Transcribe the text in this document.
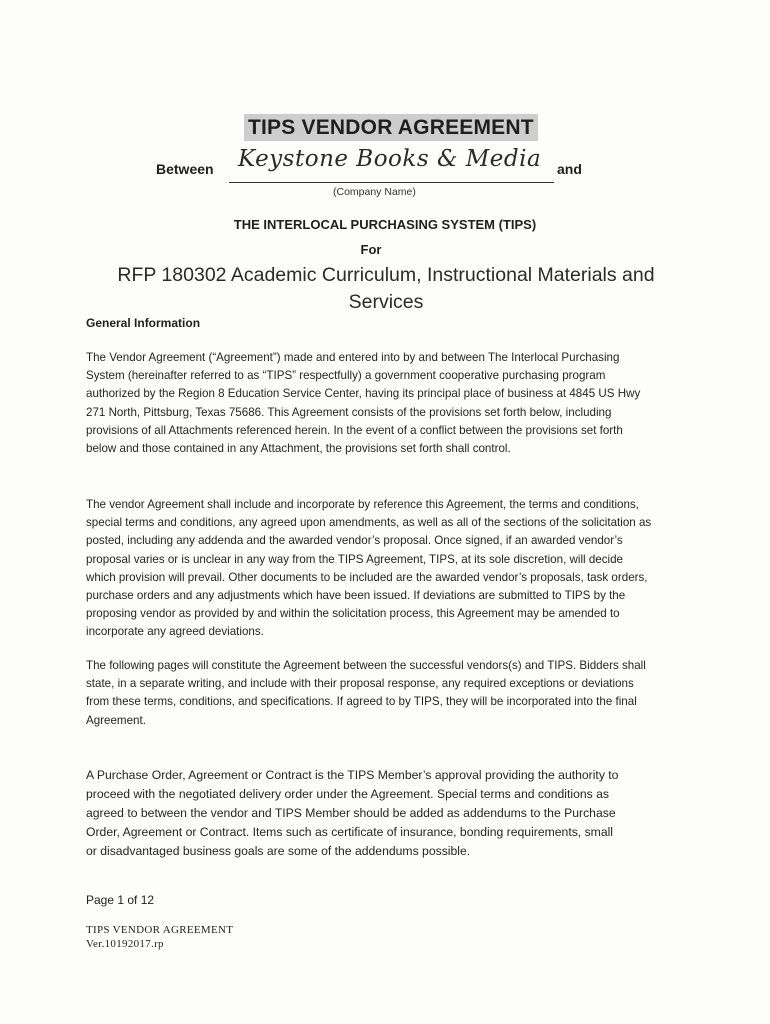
TIPS VENDOR AGREEMENT
Between Keystone Books & Media and
(Company Name)
THE INTERLOCAL PURCHASING SYSTEM (TIPS)
For
RFP 180302 Academic Curriculum, Instructional Materials and Services
General Information
The Vendor Agreement (“Agreement”) made and entered into by and between The Interlocal Purchasing System (hereinafter referred to as “TIPS” respectfully) a government cooperative purchasing program authorized by the Region 8 Education Service Center, having its principal place of business at 4845 US Hwy 271 North, Pittsburg, Texas 75686. This Agreement consists of the provisions set forth below, including provisions of all Attachments referenced herein. In the event of a conflict between the provisions set forth below and those contained in any Attachment, the provisions set forth shall control.
The vendor Agreement shall include and incorporate by reference this Agreement, the terms and conditions, special terms and conditions, any agreed upon amendments, as well as all of the sections of the solicitation as posted, including any addenda and the awarded vendor’s proposal. Once signed, if an awarded vendor’s proposal varies or is unclear in any way from the TIPS Agreement, TIPS, at its sole discretion, will decide which provision will prevail. Other documents to be included are the awarded vendor’s proposals, task orders, purchase orders and any adjustments which have been issued. If deviations are submitted to TIPS by the proposing vendor as provided by and within the solicitation process, this Agreement may be amended to incorporate any agreed deviations.
The following pages will constitute the Agreement between the successful vendors(s) and TIPS. Bidders shall state, in a separate writing, and include with their proposal response, any required exceptions or deviations from these terms, conditions, and specifications. If agreed to by TIPS, they will be incorporated into the final Agreement.
A Purchase Order, Agreement or Contract is the TIPS Member’s approval providing the authority to proceed with the negotiated delivery order under the Agreement. Special terms and conditions as agreed to between the vendor and TIPS Member should be added as addendums to the Purchase Order, Agreement or Contract. Items such as certificate of insurance, bonding requirements, small or disadvantaged business goals are some of the addendums possible.
Page 1 of 12
TIPS VENDOR AGREEMENT
Ver.10192017.rp
